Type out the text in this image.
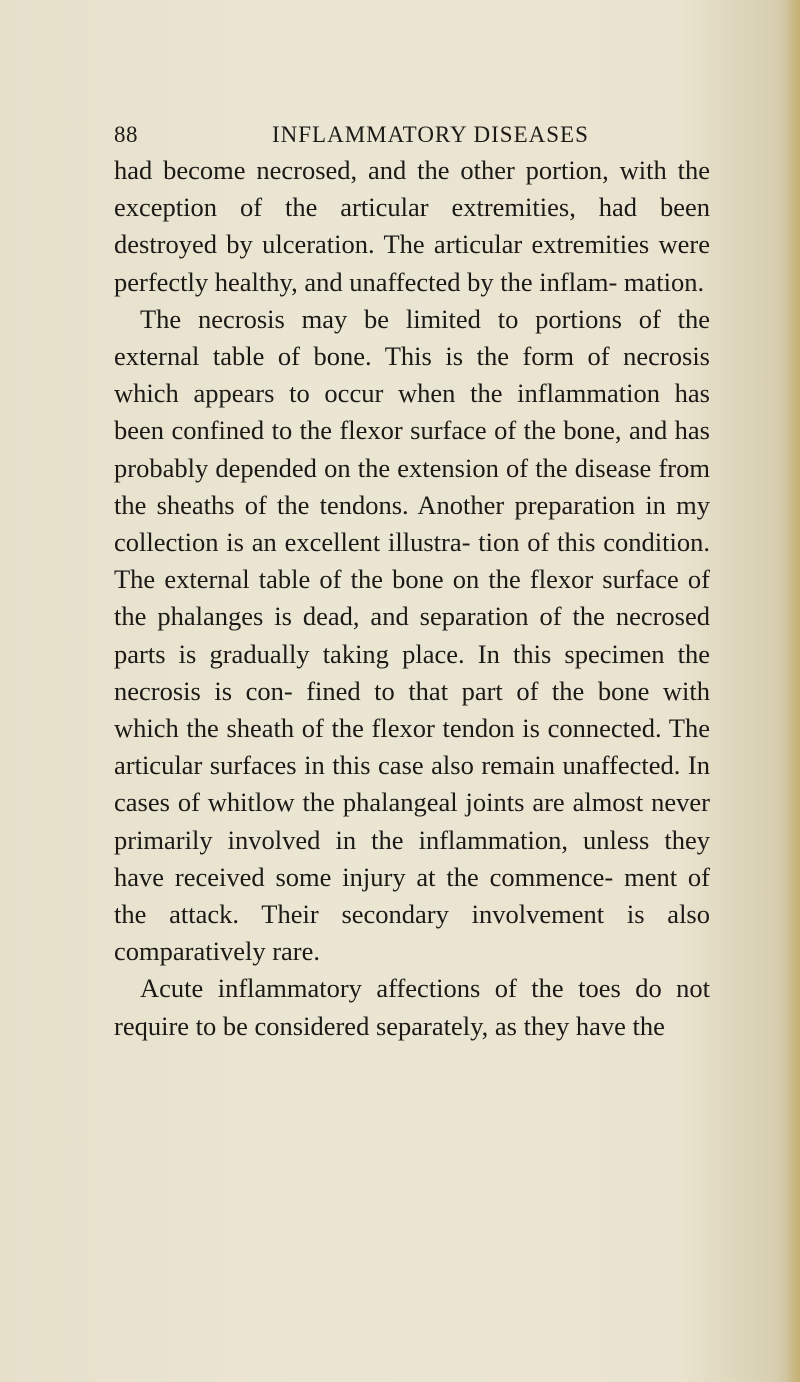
88	INFLAMMATORY DISEASES

had become necrosed, and the other portion, with the exception of the articular extremities, had been destroyed by ulceration. The articular extremities were perfectly healthy, and unaffected by the inflam- mation.

The necrosis may be limited to portions of the external table of bone. This is the form of necrosis which appears to occur when the inflammation has been confined to the flexor surface of the bone, and has probably depended on the extension of the disease from the sheaths of the tendons. Another preparation in my collection is an excellent illustra- tion of this condition. The external table of the bone on the flexor surface of the phalanges is dead, and separation of the necrosed parts is gradually taking place. In this specimen the necrosis is con- fined to that part of the bone with which the sheath of the flexor tendon is connected. The articular surfaces in this case also remain unaffected. In cases of whitlow the phalangeal joints are almost never primarily involved in the inflammation, unless they have received some injury at the commence- ment of the attack. Their secondary involvement is also comparatively rare.

Acute inflammatory affections of the toes do not require to be considered separately, as they have the
